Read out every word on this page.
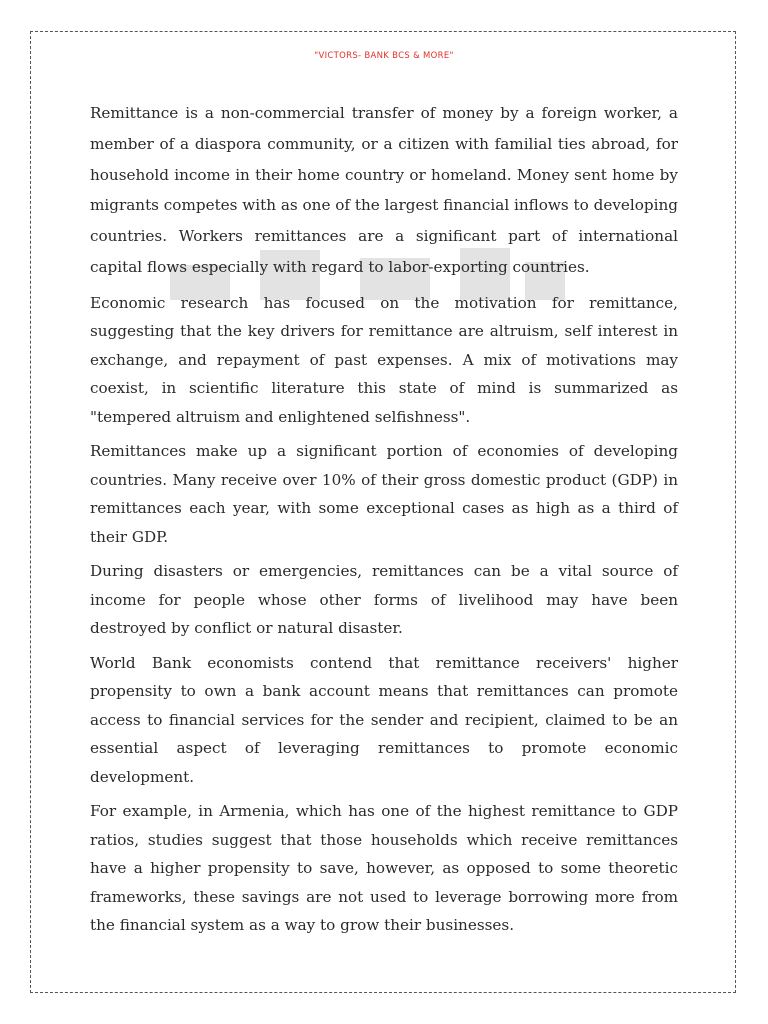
"VICTORS- BANK BCS & MORE"

Remittance is a non-commercial transfer of money by a foreign worker, a member of a diaspora community, or a citizen with familial ties abroad, for household income in their home country or homeland. Money sent home by migrants competes with as one of the largest financial inflows to developing countries. Workers remittances are a significant part of international capital flows especially with regard to labor-exporting countries.

Economic research has focused on the motivation for remittance, suggesting that the key drivers for remittance are altruism, self interest in exchange, and repayment of past expenses. A mix of motivations may coexist, in scientific literature this state of mind is summarized as "tempered altruism and enlightened selfishness".

Remittances make up a significant portion of economies of developing countries. Many receive over 10% of their gross domestic product (GDP) in remittances each year, with some exceptional cases as high as a third of their GDP.

During disasters or emergencies, remittances can be a vital source of income for people whose other forms of livelihood may have been destroyed by conflict or natural disaster.

World Bank economists contend that remittance receivers' higher propensity to own a bank account means that remittances can promote access to financial services for the sender and recipient, claimed to be an essential aspect of leveraging remittances to promote economic development.

For example, in Armenia, which has one of the highest remittance to GDP ratios, studies suggest that those households which receive remittances have a higher propensity to save, however, as opposed to some theoretic frameworks, these savings are not used to leverage borrowing more from the financial system as a way to grow their businesses.
